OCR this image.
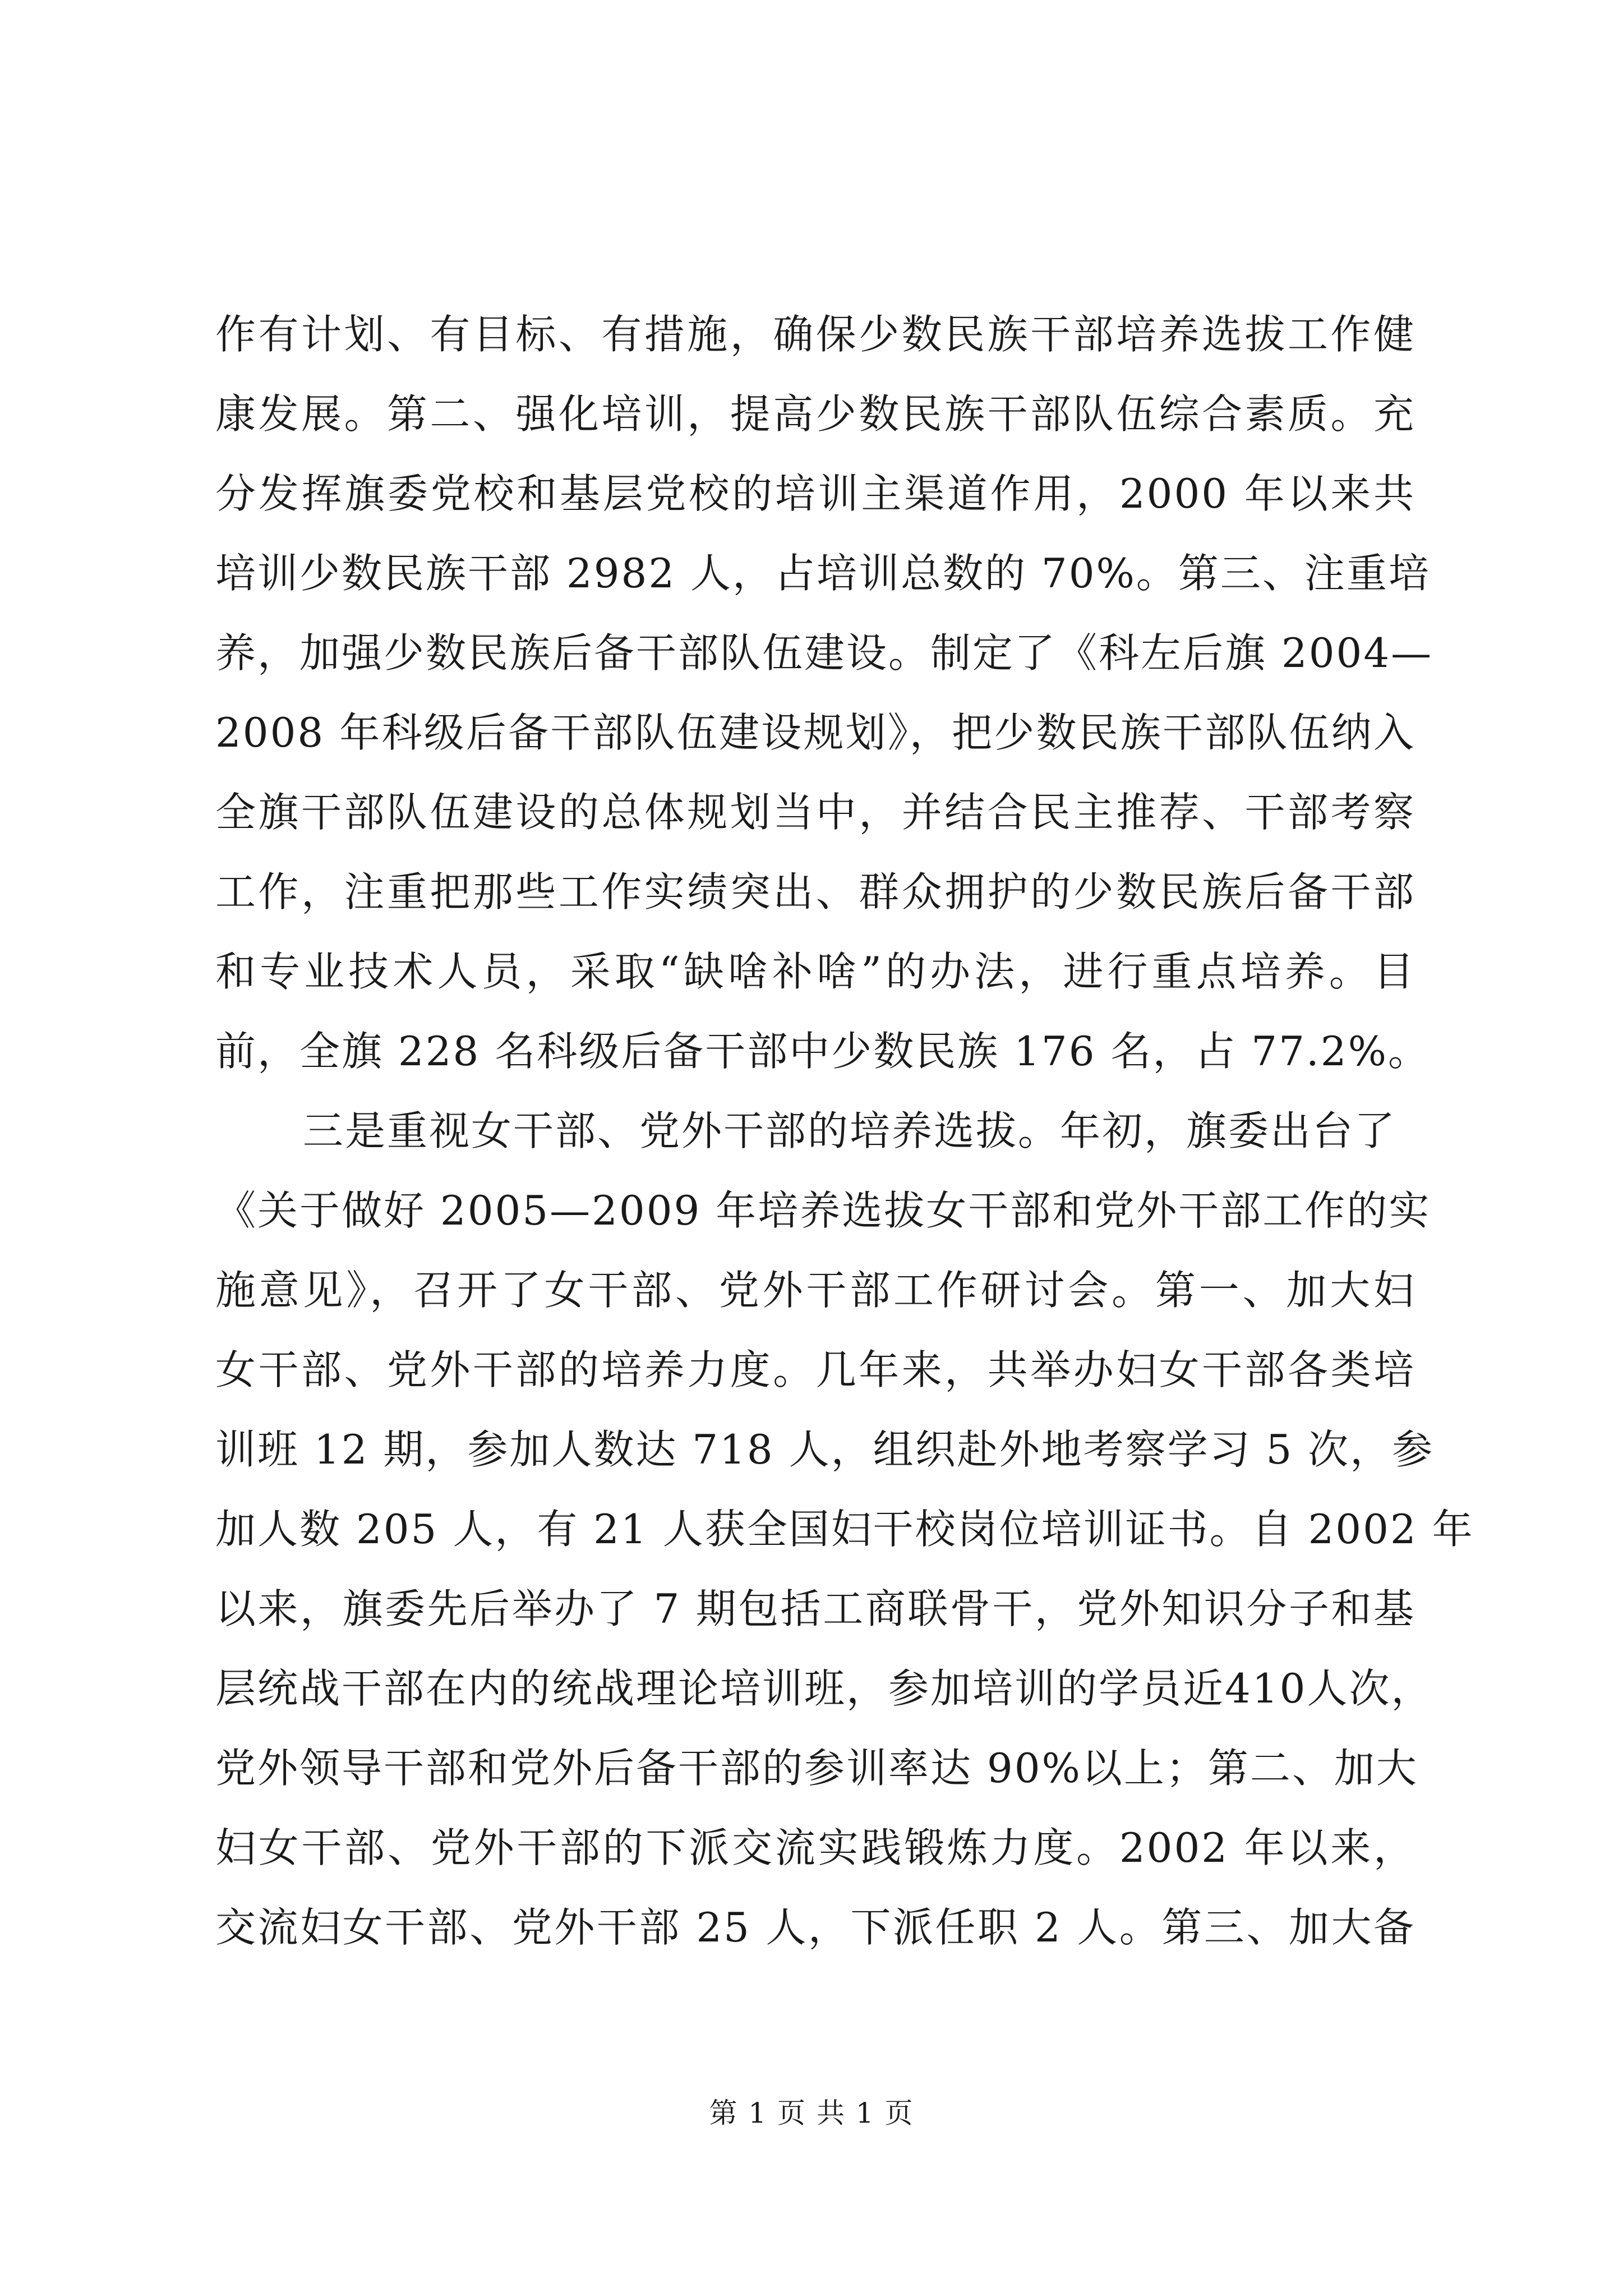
作有计划、有目标、有措施，确保少数民族干部培养选拔工作健
康发展。第二、强化培训，提高少数民族干部队伍综合素质。充
分发挥旗委党校和基层党校的培训主渠道作用，2000 年以来共
培训少数民族干部 2982 人，占培训总数的 70%。第三、注重培
养，加强少数民族后备干部队伍建设。制定了《科左后旗 2004—
2008 年科级后备干部队伍建设规划》，把少数民族干部队伍纳入
全旗干部队伍建设的总体规划当中，并结合民主推荐、干部考察
工作，注重把那些工作实绩突出、群众拥护的少数民族后备干部
和专业技术人员，采取“缺啥补啥”的办法，进行重点培养。目
前，全旗 228 名科级后备干部中少数民族 176 名，占 77.2%。
三是重视女干部、党外干部的培养选拔。年初，旗委出台了
《关于做好 2005—2009 年培养选拔女干部和党外干部工作的实
施意见》，召开了女干部、党外干部工作研讨会。第一、加大妇
女干部、党外干部的培养力度。几年来，共举办妇女干部各类培
训班 12 期，参加人数达 718 人，组织赴外地考察学习 5 次，参
加人数 205 人，有 21 人获全国妇干校岗位培训证书。自 2002 年
以来，旗委先后举办了 7 期包括工商联骨干，党外知识分子和基
层统战干部在内的统战理论培训班，参加培训的学员近410人次，
党外领导干部和党外后备干部的参训率达 90%以上；第二、加大
妇女干部、党外干部的下派交流实践锻炼力度。2002 年以来，
交流妇女干部、党外干部 25 人，下派任职 2 人。第三、加大备
第 1 页 共 1 页
